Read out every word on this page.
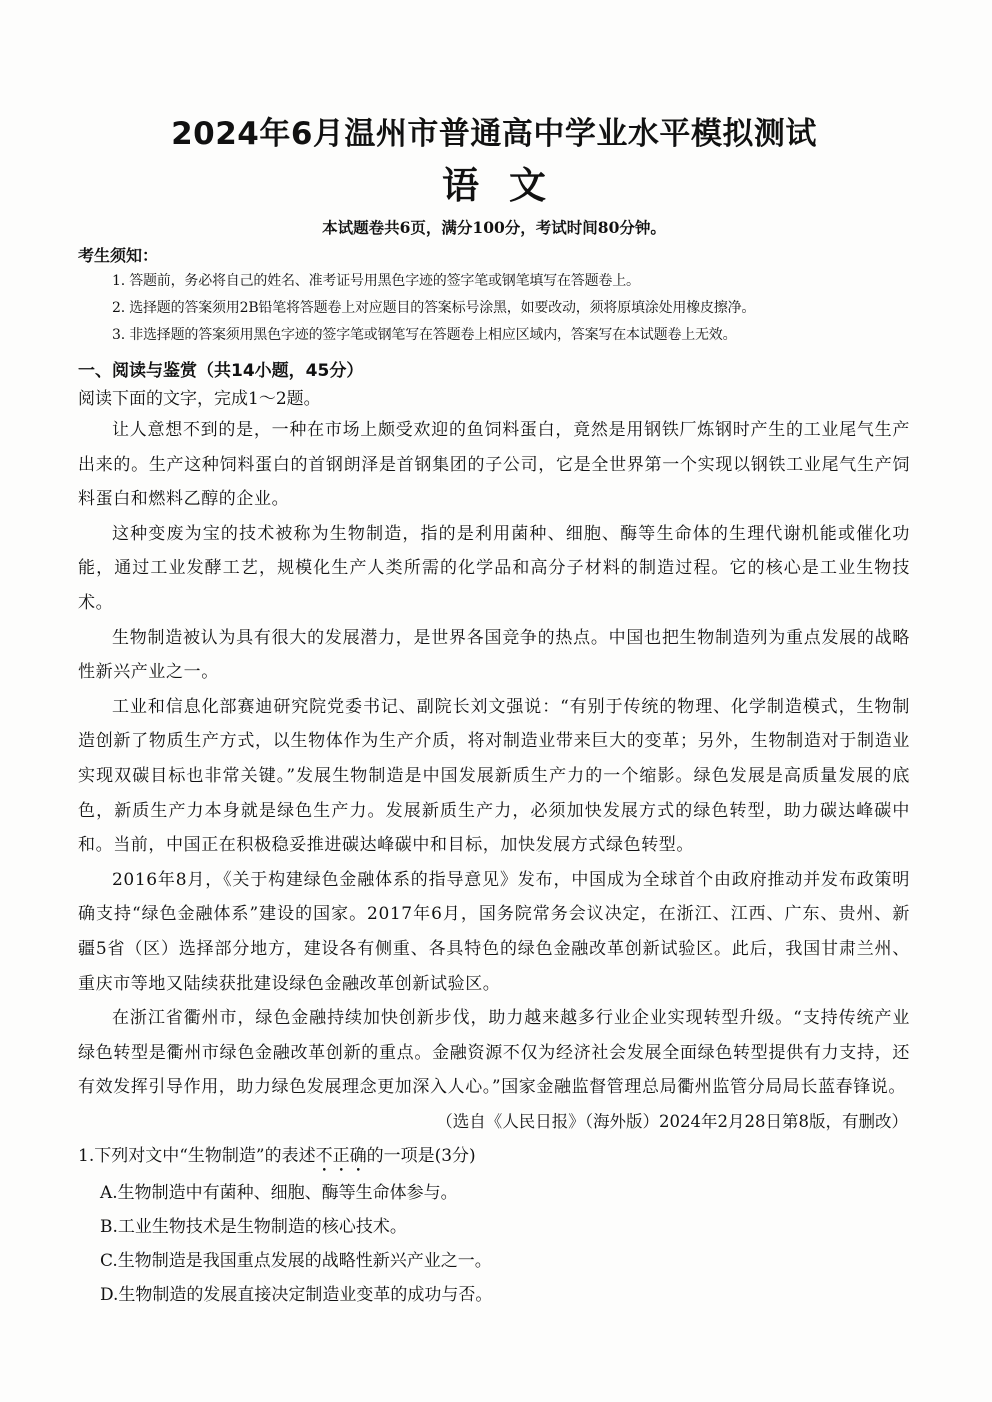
2024年6月温州市普通高中学业水平模拟测试
语文
本试题卷共6页，满分100分，考试时间80分钟。
考生须知：
1. 答题前，务必将自己的姓名、准考证号用黑色字迹的签字笔或钢笔填写在答题卷上。
2. 选择题的答案须用2B铅笔将答题卷上对应题目的答案标号涂黑，如要改动，须将原填涂处用橡皮擦净。
3. 非选择题的答案须用黑色字迹的签字笔或钢笔写在答题卷上相应区域内，答案写在本试题卷上无效。
一、阅读与鉴赏（共14小题，45分）
阅读下面的文字，完成1～2题。

让人意想不到的是，一种在市场上颇受欢迎的鱼饲料蛋白，竟然是用钢铁厂炼钢时产生的工业尾气生产出来的。生产这种饲料蛋白的首钢朗泽是首钢集团的子公司，它是全世界第一个实现以钢铁工业尾气生产饲料蛋白和燃料乙醇的企业。

这种变废为宝的技术被称为生物制造，指的是利用菌种、细胞、酶等生命体的生理代谢机能或催化功能，通过工业发酵工艺，规模化生产人类所需的化学品和高分子材料的制造过程。它的核心是工业生物技术。

生物制造被认为具有很大的发展潜力，是世界各国竞争的热点。中国也把生物制造列为重点发展的战略性新兴产业之一。

工业和信息化部赛迪研究院党委书记、副院长刘文强说：“有别于传统的物理、化学制造模式，生物制造创新了物质生产方式，以生物体作为生产介质，将对制造业带来巨大的变革；另外，生物制造对于制造业实现双碳目标也非常关键。”发展生物制造是中国发展新质生产力的一个缩影。绿色发展是高质量发展的底色，新质生产力本身就是绿色生产力。发展新质生产力，必须加快发展方式的绿色转型，助力碳达峰碳中和。当前，中国正在积极稳妥推进碳达峰碳中和目标，加快发展方式绿色转型。

2016年8月，《关于构建绿色金融体系的指导意见》发布，中国成为全球首个由政府推动并发布政策明确支持“绿色金融体系”建设的国家。2017年6月，国务院常务会议决定，在浙江、江西、广东、贵州、新疆5省（区）选择部分地方，建设各有侧重、各具特色的绿色金融改革创新试验区。此后，我国甘肃兰州、重庆市等地又陆续获批建设绿色金融改革创新试验区。

在浙江省衢州市，绿色金融持续加快创新步伐，助力越来越多行业企业实现转型升级。“支持传统产业绿色转型是衢州市绿色金融改革创新的重点。金融资源不仅为经济社会发展全面绿色转型提供有力支持，还有效发挥引导作用，助力绿色发展理念更加深入人心。”国家金融监督管理总局衢州监管分局局长蓝春锋说。

（选自《人民日报》（海外版）2024年2月28日第8版，有删改）
1.下列对文中“生物制造”的表述不正确的一项是(3分)
A.生物制造中有菌种、细胞、酶等生命体参与。
B.工业生物技术是生物制造的核心技术。
C.生物制造是我国重点发展的战略性新兴产业之一。
D.生物制造的发展直接决定制造业变革的成功与否。
